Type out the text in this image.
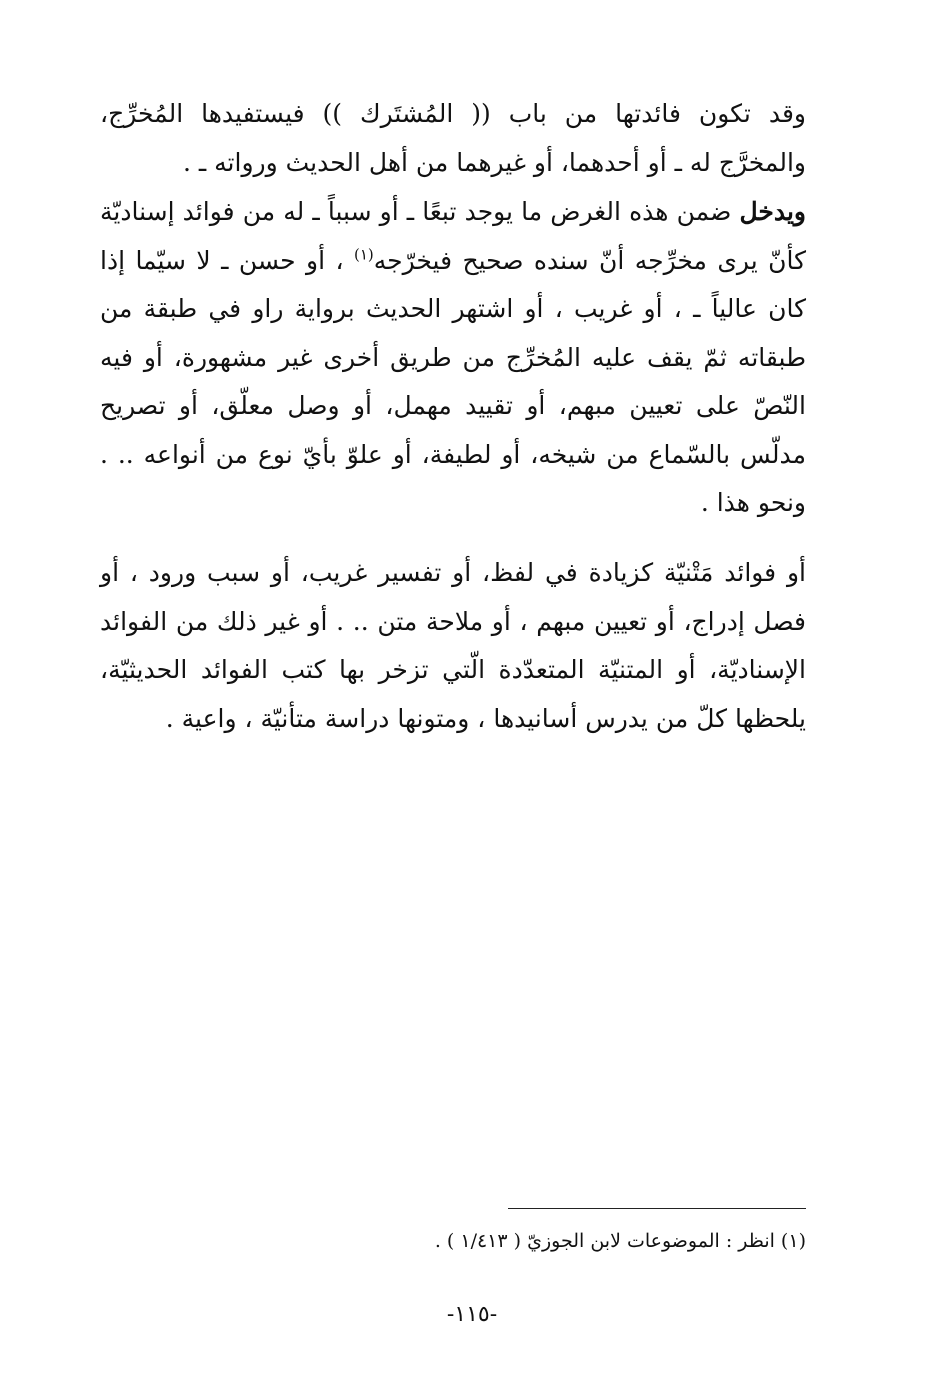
وقد تكون فائدتها من باب (( المُشتَرك )) فيستفيدها المُخرِّج، والمخرَّج له ـ أو أحدهما، أو غيرهما من أهل الحديث ورواته ـ .

ويدخل ضمن هذه الغرض ما يوجد تبعًا ـ أو سبباً ـ له من فوائد إسناديّة كأنّ يرى مخرِّجه أنّ سنده صحيح فيخرّجه$^{(١)}$ ، أو حسن ـ لا سيّما إذا كان عالياً ـ ، أو غريب ، أو اشتهر الحديث برواية راو في طبقة من طبقاته ثمّ يقف عليه المُخرِّج من طريق أخرى غير مشهورة، أو فيه النّصّ على تعيين مبهم، أو تقييد مهمل، أو وصل معلّق، أو تصريح مدلّس بالسّماع من شيخه، أو لطيفة، أو علوّ بأيّ نوع من أنواعه .. . ونحو هذا .

أو فوائد مَتْنيّة كزيادة في لفظ، أو تفسير غريب، أو سبب ورود ، أو فصل إدراج، أو تعيين مبهم ، أو ملاحة متن .. . أو غير ذلك من الفوائد الإسناديّة، أو المتنيّة المتعدّدة الّتي تزخر بها كتب الفوائد الحديثيّة، يلحظها كلّ من يدرس أسانيدها ، ومتونها دراسة متأنيّة ، واعية .

(١) انظر : الموضوعات لابن الجوزيّ ( ١/٤١٣ ) .
-١١٥-
